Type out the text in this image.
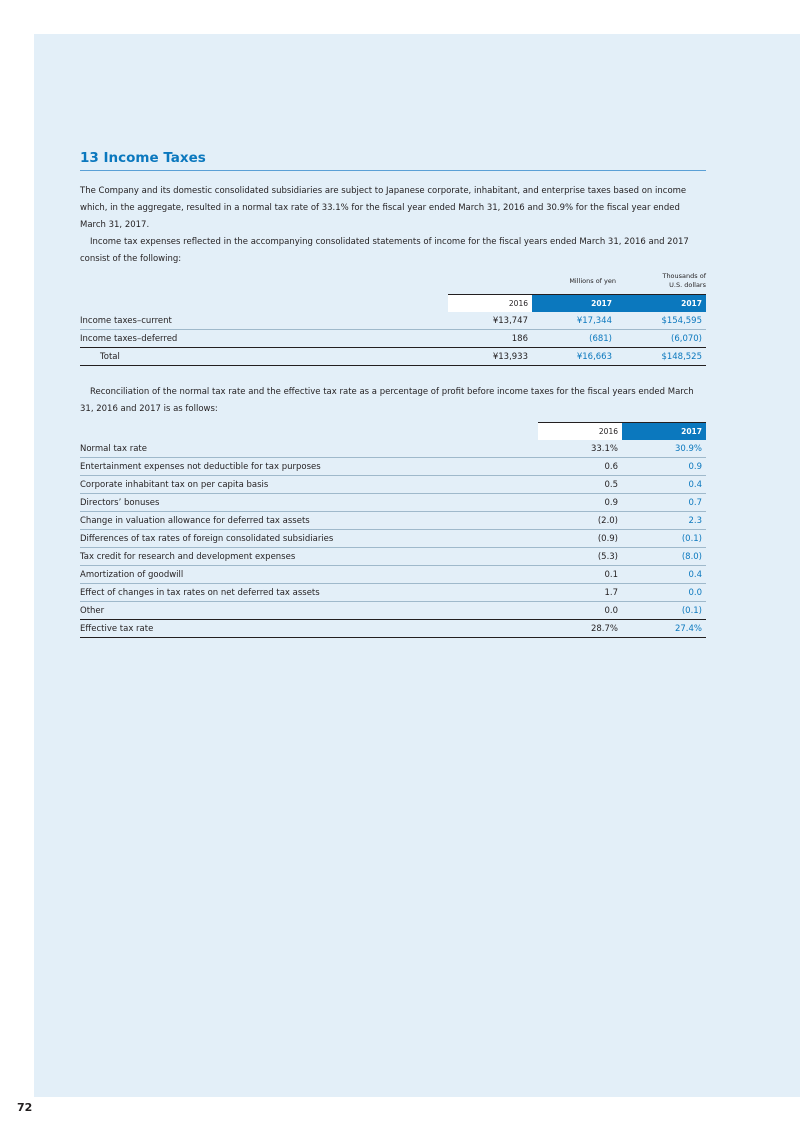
13 Income Taxes

The Company and its domestic consolidated subsidiaries are subject to Japanese corporate, inhabitant, and enterprise taxes based on income which, in the aggregate, resulted in a normal tax rate of 33.1% for the fiscal year ended March 31, 2016 and 30.9% for the fiscal year ended March 31, 2017.

Income tax expenses reflected in the accompanying consolidated statements of income for the fiscal years ended March 31, 2016 and 2017 consist of the following:

		Millions of yen	Thousands of
U.S. dollars

	2016	2017	2017
Income taxes–current	¥13,747	¥17,344	$154,595
Income taxes–deferred	186	(681)	(6,070)
Total	¥13,933	¥16,663	$148,525

Reconciliation of the normal tax rate and the effective tax rate as a percentage of profit before income taxes for the fiscal years ended March 31, 2016 and 2017 is as follows:

	2016	2017
Normal tax rate	33.1%	30.9%
Entertainment expenses not deductible for tax purposes	0.6	0.9
Corporate inhabitant tax on per capita basis	0.5	0.4
Directors’ bonuses	0.9	0.7
Change in valuation allowance for deferred tax assets	(2.0)	2.3
Differences of tax rates of foreign consolidated subsidiaries	(0.9)	(0.1)
Tax credit for research and development expenses	(5.3)	(8.0)
Amortization of goodwill	0.1	0.4
Effect of changes in tax rates on net deferred tax assets	1.7	0.0
Other	0.0	(0.1)
Effective tax rate	28.7%	27.4%
72
